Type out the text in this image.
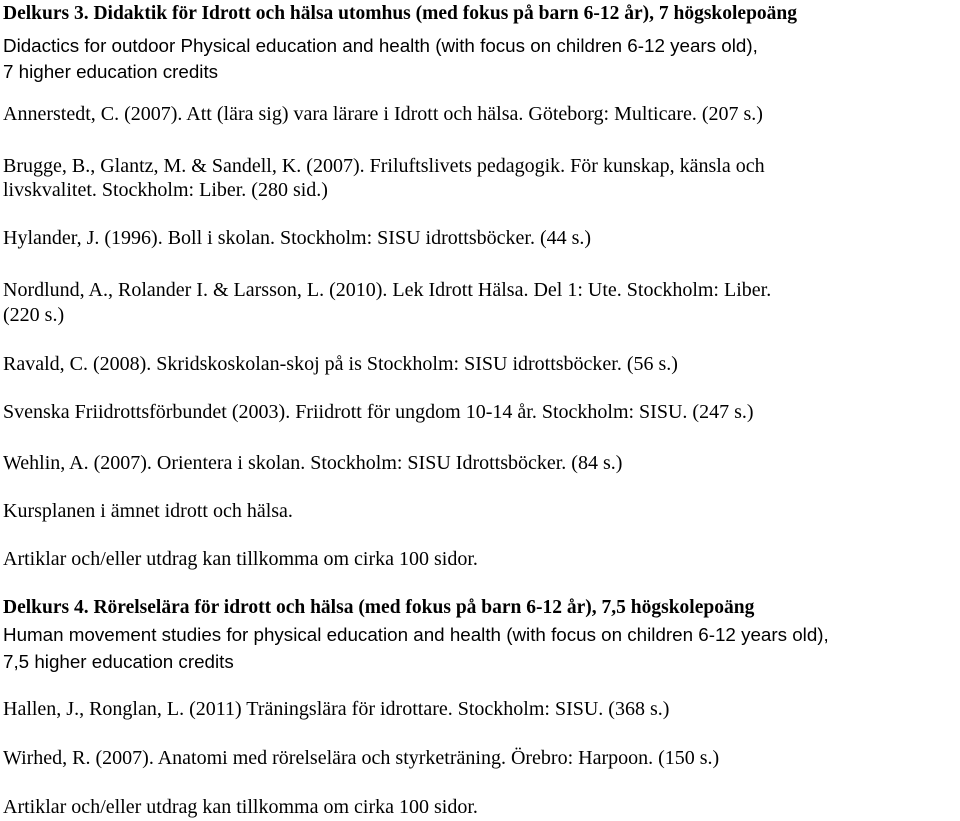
Delkurs 3. Didaktik för Idrott och hälsa utomhus (med fokus på barn 6-12 år), 7 högskolepoäng
Didactics for outdoor Physical education and health (with focus on children 6-12 years old),
7 higher education credits
Annerstedt, C. (2007). Att (lära sig) vara lärare i Idrott och hälsa. Göteborg: Multicare. (207 s.)
Brugge, B., Glantz, M. & Sandell, K. (2007). Friluftslivets pedagogik. För kunskap, känsla och
livskvalitet. Stockholm: Liber. (280 sid.)
Hylander, J. (1996). Boll i skolan. Stockholm: SISU idrottsböcker. (44 s.)
Nordlund, A., Rolander I. & Larsson, L. (2010). Lek Idrott Hälsa. Del 1: Ute. Stockholm: Liber.
(220 s.)
Ravald, C. (2008). Skridskoskolan-skoj på is Stockholm: SISU idrottsböcker. (56 s.)
Svenska Friidrottsförbundet (2003). Friidrott för ungdom 10-14 år. Stockholm: SISU. (247 s.)
Wehlin, A. (2007). Orientera i skolan. Stockholm: SISU Idrottsböcker. (84 s.)
Kursplanen i ämnet idrott och hälsa.
Artiklar och/eller utdrag kan tillkomma om cirka 100 sidor.
Delkurs 4. Rörelselära för idrott och hälsa (med fokus på barn 6-12 år), 7,5 högskolepoäng
Human movement studies for physical education and health (with focus on children 6-12 years old),
7,5 higher education credits
Hallen, J., Ronglan, L. (2011) Träningslära för idrottare. Stockholm: SISU. (368 s.)
Wirhed, R. (2007). Anatomi med rörelselära och styrketräning. Örebro: Harpoon. (150 s.)
Artiklar och/eller utdrag kan tillkomma om cirka 100 sidor.
